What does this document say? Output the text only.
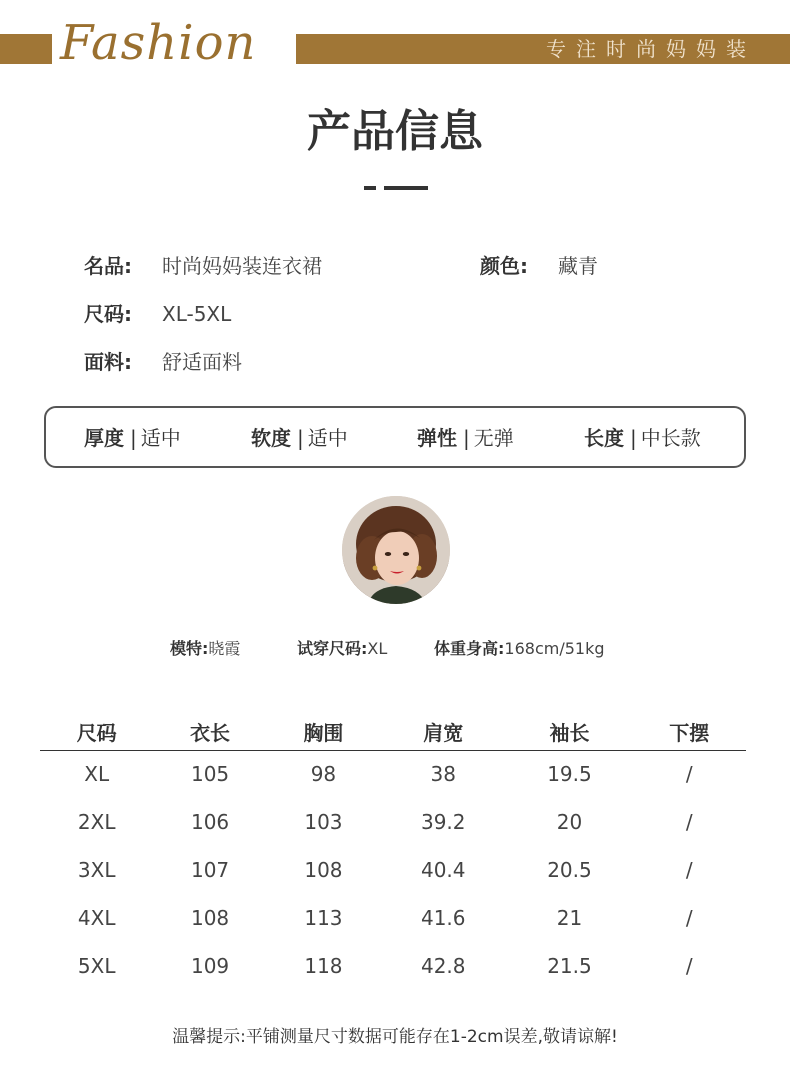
Fashion	专注时尚妈妈装
产品信息
名品: 时尚妈妈装连衣裙	颜色: 藏青
尺码: XL-5XL
面料: 舒适面料
厚度 | 适中	软度 | 适中	弹性 | 无弹	长度 | 中长款
模特:晓霞	试穿尺码:XL	体重身高:168cm/51kg
尺码	衣长	胸围	肩宽	袖长	下摆
XL	105	98	38	19.5	/
2XL	106	103	39.2	20	/
3XL	107	108	40.4	20.5	/
4XL	108	113	41.6	21	/
5XL	109	118	42.8	21.5	/
温馨提示:平铺测量尺寸数据可能存在1-2cm误差,敬请谅解!
